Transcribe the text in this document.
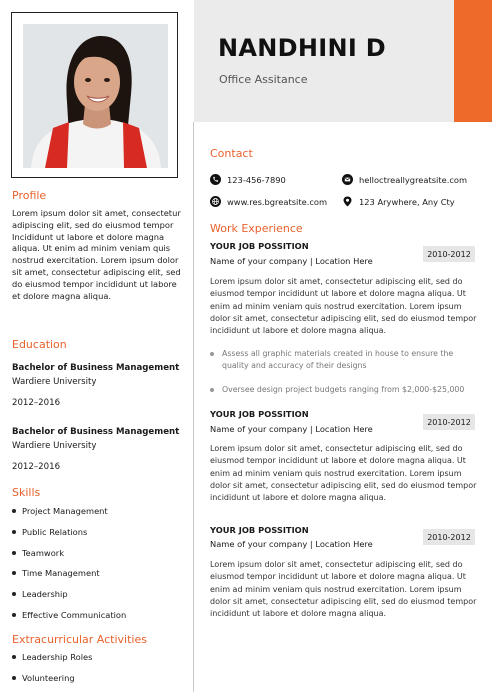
NANDHINI D
Office Assitance
Profile
Lorem ipsum dolor sit amet, consectetur adipiscing elit, sed do eiusmod tempor Incididunt ut labore et dolore magna aliqua. Ut enim ad minim veniam quis nostrud exercitation. Lorem ipsum dolor sit amet, consectetur adipiscing elit, sed do eiusmod tempor incididunt ut labore et dolore magna aliqua.
Education
Bachelor of Business Management Wardiere University
2012–2016
Bachelor of Business Management Wardiere University
2012–2016
Skills
Project Management
Public Relations
Teamwork
Time Management
Leadership
Effective Communication
Extracurricular Activities
Leadership Roles
Volunteering
Contact
123-456-7890	helloctreallygreatsite.com
www.res.bgreatsite.com	123 Arywhere, Any Cty
Work Experience
YOUR JOB POSSITION
Name of your company | Location Here
2010-2012
Lorem ipsum dolor sit amet, consectetur adipiscing elit, sed do eiusmod tempor incididunt ut labore et dolore magna aliqua. Ut enim ad minim veniam quis nostrud exercitation. Lorem ipsum dolor sit amet, consectetur adipiscing elit, sed do eiusmod tempor incididunt ut labore et dolore magna aliqua.
Assess all graphic materials created in house to ensure the quality and accuracy of their designs
Oversee design project budgets ranging from $2,000-$25,000
YOUR JOB POSSITION
Name of your company | Location Here
2010-2012
Lorem ipsum dolor sit amet, consectetur adipiscing elit, sed do eiusmod tempor incididunt ut labore et dolore magna aliqua. Ut enim ad minim veniam quis nostrud exercitation. Lorem ipsum dolor sit amet, consectetur adipiscing elit, sed do eiusmod tempor incididunt ut labore et dolore magna aliqua.
YOUR JOB POSSITION
Name of your company | Location Here
2010-2012
Lorem ipsum dolor sit amet, consectetur adipiscing elit, sed do eiusmod tempor incididunt ut labore et dolore magna aliqua. Ut enim ad minim veniam quis nostrud exercitation. Lorem ipsum dolor sit amet, consectetur adipiscing elit, sed do eiusmod tempor incididunt ut labore et dolore magna aliqua.
